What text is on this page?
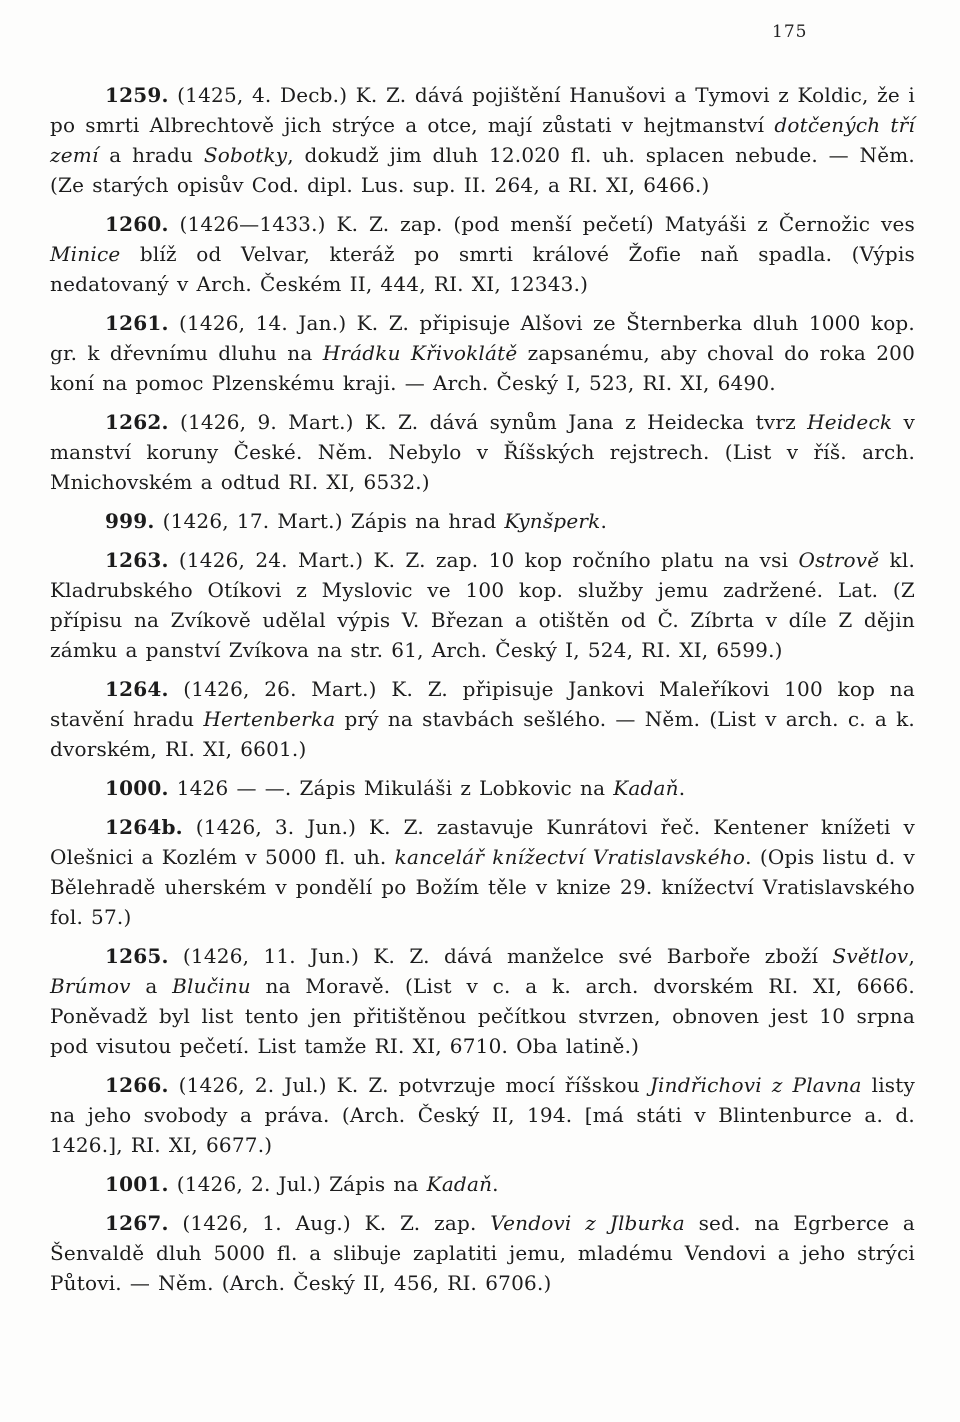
175

1259. (1425, 4. Decb.) K. Z. dává pojištění Hanušovi a Tymovi z Koldic, že i po smrti Albrechtově jich strýce a otce, mají zůstati v hejtmanství dotčených tří zemí a hradu Sobotky, dokudž jim dluh 12.020 fl. uh. splacen nebude. — Něm. (Ze starých opisův Cod. dipl. Lus. sup. II. 264, a RI. XI, 6466.)

1260. (1426—1433.) K. Z. zap. (pod menší pečetí) Matyáši z Černožic ves Minice blíž od Velvar, kteráž po smrti králové Žofie naň spadla. (Výpis nedatovaný v Arch. Českém II, 444, RI. XI, 12343.)

1261. (1426, 14. Jan.) K. Z. připisuje Alšovi ze Šternberka dluh 1000 kop. gr. k dřevnímu dluhu na Hrádku Křivoklátě zapsanému, aby choval do roka 200 koní na pomoc Plzenskému kraji. — Arch. Český I, 523, RI. XI, 6490.

1262. (1426, 9. Mart.) K. Z. dává synům Jana z Heidecka tvrz Heideck v manství koruny České. Něm. Nebylo v Říšských rejstrech. (List v říš. arch. Mnichovském a odtud RI. XI, 6532.)

999. (1426, 17. Mart.) Zápis na hrad Kynšperk.

1263. (1426, 24. Mart.) K. Z. zap. 10 kop ročního platu na vsi Ostrově kl. Kladrubského Otíkovi z Myslovic ve 100 kop. služby jemu zadržené. Lat. (Z přípisu na Zvíkově udělal výpis V. Březan a otištěn od Č. Zíbrta v díle Z dějin zámku a panství Zvíkova na str. 61, Arch. Český I, 524, RI. XI, 6599.)

1264. (1426, 26. Mart.) K. Z. připisuje Jankovi Maleříkovi 100 kop na stavění hradu Hertenberka prý na stavbách sešlého. — Něm. (List v arch. c. a k. dvorském, RI. XI, 6601.)

1000. 1426 — —. Zápis Mikuláši z Lobkovic na Kadaň.

1264b. (1426, 3. Jun.) K. Z. zastavuje Kunrátovi řeč. Kentener knížeti v Olešnici a Kozlém v 5000 fl. uh. kancelář knížectví Vratislavského. (Opis listu d. v Bělehradě uherském v pondělí po Božím těle v knize 29. knížectví Vratislavského fol. 57.)

1265. (1426, 11. Jun.) K. Z. dává manželce své Barboře zboží Světlov, Brúmov a Blučinu na Moravě. (List v c. a k. arch. dvorském RI. XI, 6666. Poněvadž byl list tento jen přitištěnou pečítkou stvrzen, obnoven jest 10 srpna pod visutou pečetí. List tamže RI. XI, 6710. Oba latině.)

1266. (1426, 2. Jul.) K. Z. potvrzuje mocí říšskou Jindřichovi z Plavna listy na jeho svobody a práva. (Arch. Český II, 194. [má státi v Blintenburce a. d. 1426.], RI. XI, 6677.)

1001. (1426, 2. Jul.) Zápis na Kadaň.

1267. (1426, 1. Aug.) K. Z. zap. Vendovi z Jlburka sed. na Egrberce a Šenvaldě dluh 5000 fl. a slibuje zaplatiti jemu, mladému Vendovi a jeho strýci Půtovi. — Něm. (Arch. Český II, 456, RI. 6706.)
